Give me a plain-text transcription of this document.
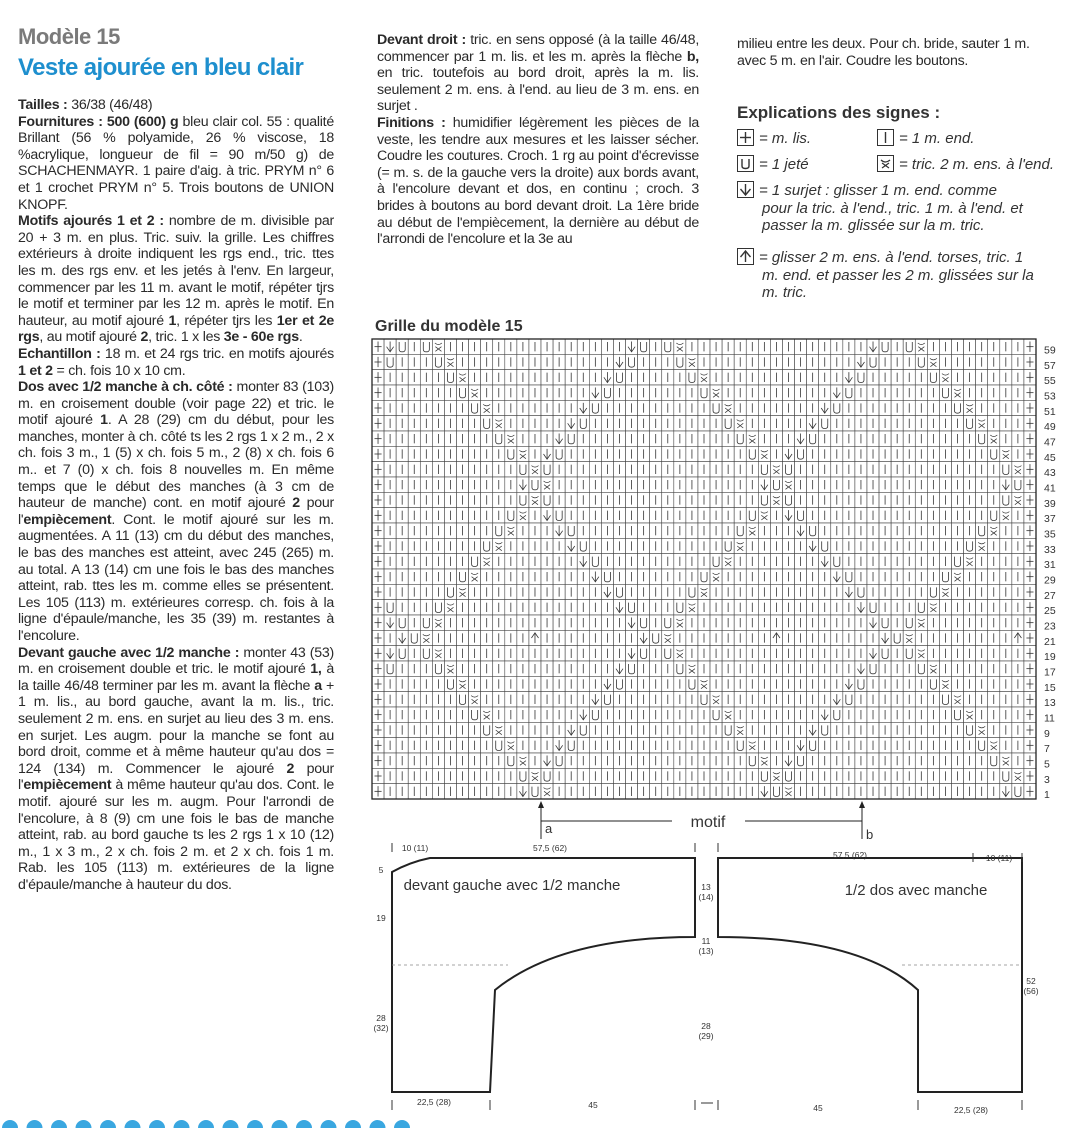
Modèle 15
Veste ajourée en bleu clair

Tailles : 36/38 (46/48)

Fournitures : 500 (600) g bleu clair col. 55 : qualité Brillant (56 % polyamide, 26 % viscose, 18 %acrylique, longueur de fil = 90 m/50 g) de SCHACHENMAYR. 1 paire d'aig. à tric. PRYM n° 6 et 1 crochet PRYM n° 5. Trois boutons de UNION KNOPF.

Motifs ajourés 1 et 2 : nombre de m. divisible par 20 + 3 m. en plus. Tric. suiv. la grille. Les chiffres extérieurs à droite indiquent les rgs end., tric. ttes les m. des rgs env. et les jetés à l'env. En largeur, commencer par les 11 m. avant le motif, répéter tjrs le motif et terminer par les 12 m. après le motif. En hauteur, au motif ajouré 1, répéter tjrs les 1er et 2e rgs, au motif ajouré 2, tric. 1 x les 3e - 60e rgs.

Echantillon : 18 m. et 24 rgs tric. en motifs ajourés 1 et 2 = ch. fois 10 x 10 cm.

Dos avec 1/2 manche à ch. côté : monter 83 (103) m. en croisement double (voir page 22) et tric. le motif ajouré 1. A 28 (29) cm du début, pour les manches, monter à ch. côté ts les 2 rgs 1 x 2 m., 2 x ch. fois 3 m., 1 (5) x ch. fois 5 m., 2 (8) x ch. fois 6 m.. et 7 (0) x ch. fois 8 nouvelles m. En même temps que le début des manches (à 3 cm de hauteur de manche) cont. en motif ajouré 2 pour l'empiècement. Cont. le motif ajouré sur les m. augmentées. A 11 (13) cm du début des manches, le bas des manches est atteint, avec 245 (265) m. au total. A 13 (14) cm une fois le bas des manches atteint, rab. ttes les m. comme elles se présentent. Les 105 (113) m. extérieures corresp. ch. fois à la ligne d'épaule/manche, les 35 (39) m. restantes à l'encolure.

Devant gauche avec 1/2 manche : monter 43 (53) m. en croisement double et tric. le motif ajouré 1, à la taille 46/48 terminer par les m. avant la flèche a + 1 m. lis., au bord gauche, avant la m. lis., tric. seulement 2 m. ens. en surjet au lieu des 3 m. ens. en surjet. Les augm. pour la manche se font au bord droit, comme et à même hauteur qu'au dos = 124 (134) m. Commencer le ajouré 2 pour l'empiècement à même hauteur qu'au dos. Cont. le motif. ajouré sur les m. augm. Pour l'arrondi de l'encolure, à 8 (9) cm une fois le bas de manche atteint, rab. au bord gauche ts les 2 rgs 1 x 10 (12) m., 1 x 3 m., 2 x ch. fois 2 m. et 2 x ch. fois 1 m. Rab. les 105 (113) m. extérieures de la ligne d'épaule/manche à hauteur du dos.

Devant droit : tric. en sens opposé (à la taille 46/48, commencer par 1 m. lis. et les m. après la flèche b, en tric. toutefois au bord droit, après la m. lis. seulement 2 m. ens. à l'end. au lieu de 3 m. ens. en surjet .

Finitions : humidifier légèrement les pièces de la veste, les tendre aux mesures et les laisser sécher. Coudre les coutures. Croch. 1 rg au point d'écrevisse (= m. s. de la gauche vers la droite) aux bords avant, à l'encolure devant et dos, en continu ; croch. 3 brides à boutons au bord devant droit. La 1ère bride au début de l'empiècement, la dernière au début de l'arrondi de l'encolure et la 3e au

milieu entre les deux. Pour ch. bride, sauter 1 m. avec 5 m. en l'air. Coudre les boutons.

Explications des signes :
= m. lis.	= 1 m. end.
= 1 jeté	= tric. 2 m. ens. à l'end.
= 1 surjet : glisser 1 m. end. comme
pour la tric. à l'end., tric. 1 m. à l'end. et
passer la m. glissée sur la m. tric.
= glisser 2 m. ens. à l'end. torses, tric. 1
m. end. et passer les 2 m. glissées sur la
m. tric.
Grille du modèle 15
59
57
55
53
51
49
47
45
43
41
39
37
35
33
31
29
27
25
23
21
19
17
15
13
11
9
7
5
3
1
motif
a	b
devant gauche avec 1/2 manche	1/2 dos avec manche
10 (11)	57,5 (62)
57,5 (62)	10 (11)
5
19
28
(32)
13
(14)
11
(13)
28
(29)
52
(56)
22,5 (28)	45	45	22,5 (28)
